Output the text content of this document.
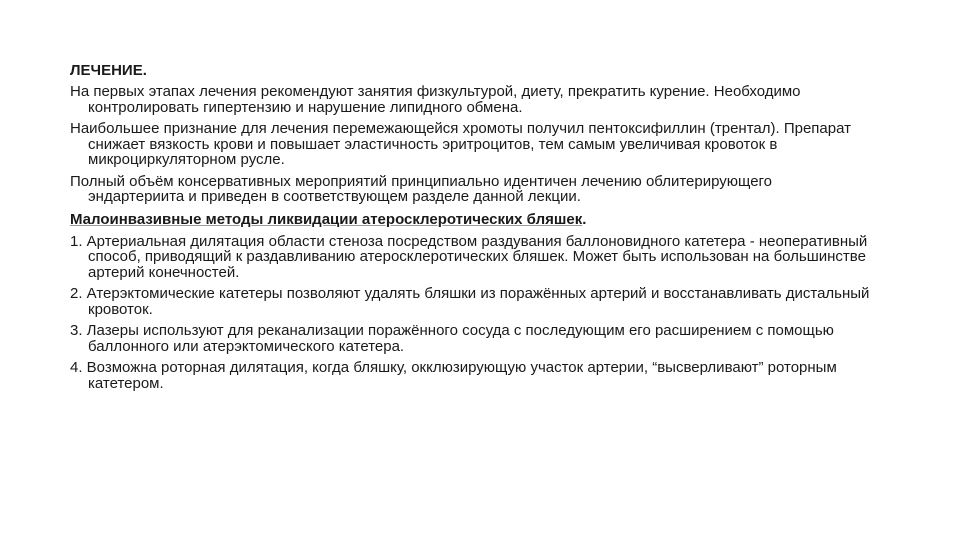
ЛЕЧЕНИЕ.
На первых этапах лечения рекомендуют занятия физкультурой, диету, прекратить курение. Необходимо контролировать гипертензию и нарушение липидного обмена.
Наибольшее признание для лечения перемежающейся хромоты получил пентоксифиллин (трентал). Препарат снижает вязкость крови и повышает эластичность эритроцитов, тем самым увеличивая кровоток в микроциркуляторном русле.
Полный объём консервативных мероприятий принципиально идентичен лечению облитерирующего эндартериита и приведен в соответствующем разделе данной лекции.
Малоинвазивные методы ликвидации атеросклеротических бляшек.
1. Артериальная дилятация области стеноза посредством раздувания баллоновидного катетера - неоперативный способ, приводящий к раздавливанию атеросклеротических бляшек. Может быть использован на большинстве артерий конечностей.
2. Атерэктомические катетеры позволяют удалять бляшки из поражённых артерий и восстанавливать дистальный кровоток.
3. Лазеры используют для реканализации поражённого сосуда с последующим его расширением с помощью баллонного или атерэктомического катетера.
4. Возможна роторная дилятация, когда бляшку, окклюзирующую участок артерии, “высверливают” роторным катетером.
